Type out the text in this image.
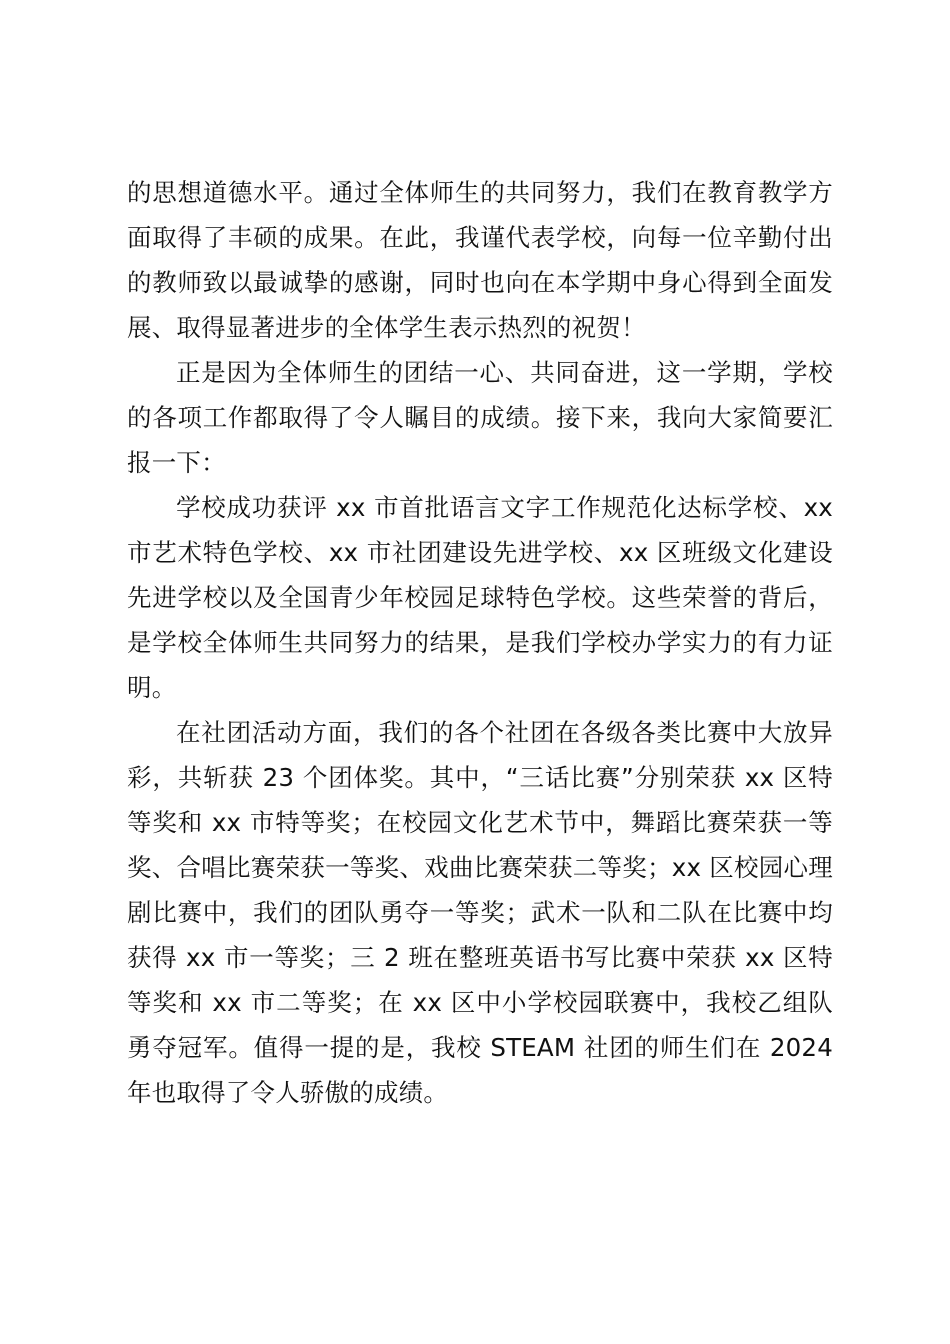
的思想道德水平。通过全体师生的共同努力，我们在教育教学方面取得了丰硕的成果。在此，我谨代表学校，向每一位辛勤付出的教师致以最诚挚的感谢，同时也向在本学期中身心得到全面发展、取得显著进步的全体学生表示热烈的祝贺！

正是因为全体师生的团结一心、共同奋进，这一学期，学校的各项工作都取得了令人瞩目的成绩。接下来，我向大家简要汇报一下：

学校成功获评 xx 市首批语言文字工作规范化达标学校、xx 市艺术特色学校、xx 市社团建设先进学校、xx 区班级文化建设先进学校以及全国青少年校园足球特色学校。这些荣誉的背后，是学校全体师生共同努力的结果，是我们学校办学实力的有力证明。

在社团活动方面，我们的各个社团在各级各类比赛中大放异彩，共斩获 23 个团体奖。其中，“三话比赛”分别荣获 xx 区特等奖和 xx 市特等奖；在校园文化艺术节中，舞蹈比赛荣获一等奖、合唱比赛荣获一等奖、戏曲比赛荣获二等奖；xx 区校园心理剧比赛中，我们的团队勇夺一等奖；武术一队和二队在比赛中均获得 xx 市一等奖；三 2 班在整班英语书写比赛中荣获 xx 区特等奖和 xx 市二等奖；在 xx 区中小学校园联赛中，我校乙组队勇夺冠军。值得一提的是，我校 STEAM 社团的师生们在 2024 年也取得了令人骄傲的成绩。
